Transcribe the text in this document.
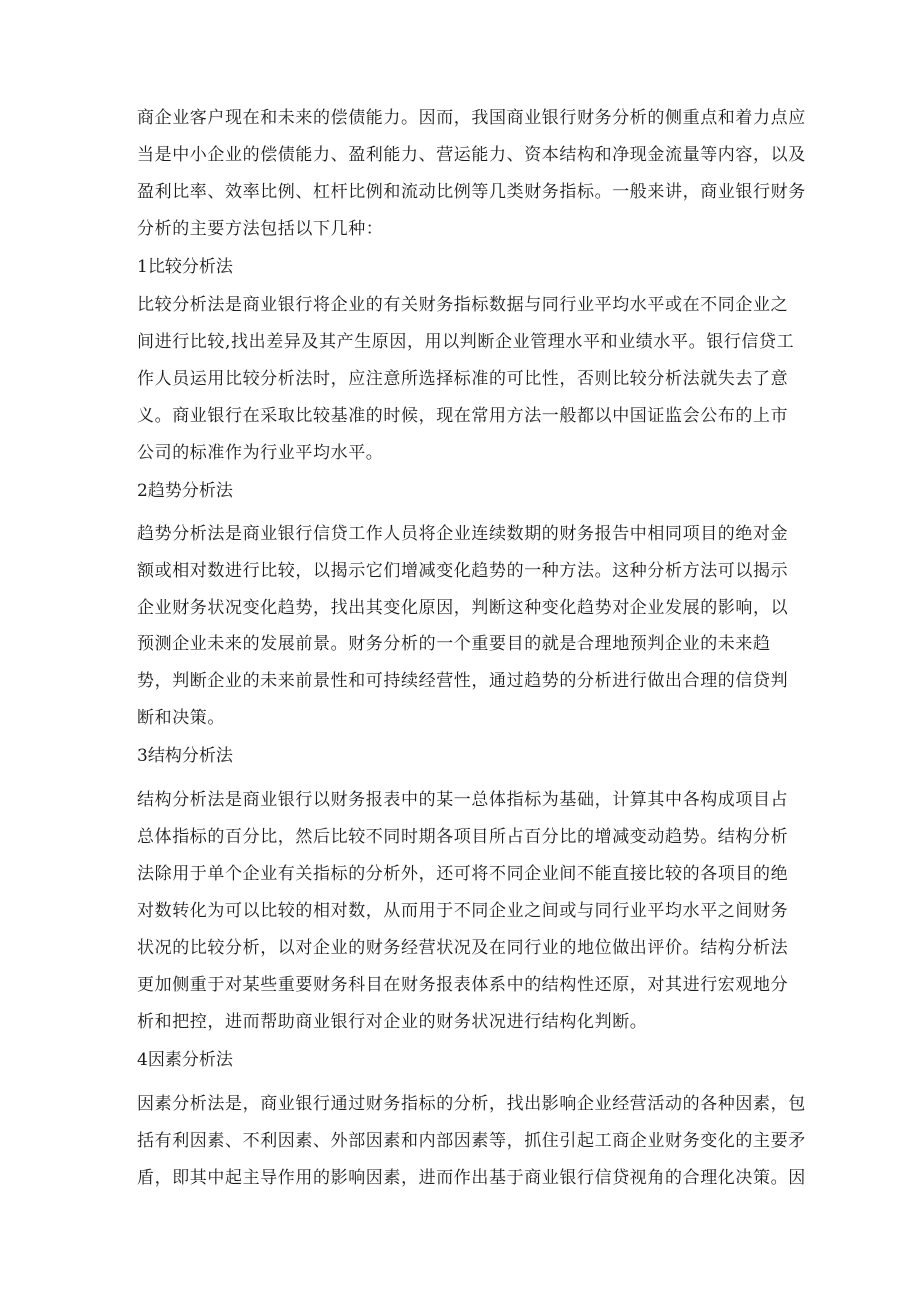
商企业客户现在和未来的偿债能力。因而，我国商业银行财务分析的侧重点和着力点应
当是中小企业的偿债能力、盈利能力、营运能力、资本结构和净现金流量等内容，以及
盈利比率、效率比例、杠杆比例和流动比例等几类财务指标。一般来讲，商业银行财务
分析的主要方法包括以下几种：
1比较分析法
比较分析法是商业银行将企业的有关财务指标数据与同行业平均水平或在不同企业之
间进行比较,找出差异及其产生原因，用以判断企业管理水平和业绩水平。银行信贷工
作人员运用比较分析法时，应注意所选择标准的可比性，否则比较分析法就失去了意
义。商业银行在采取比较基准的时候，现在常用方法一般都以中国证监会公布的上市
公司的标准作为行业平均水平。
2趋势分析法
趋势分析法是商业银行信贷工作人员将企业连续数期的财务报告中相同项目的绝对金
额或相对数进行比较，以揭示它们增减变化趋势的一种方法。这种分析方法可以揭示
企业财务状况变化趋势，找出其变化原因，判断这种变化趋势对企业发展的影响，以
预测企业未来的发展前景。财务分析的一个重要目的就是合理地预判企业的未来趋
势，判断企业的未来前景性和可持续经营性，通过趋势的分析进行做出合理的信贷判
断和决策。
3结构分析法
结构分析法是商业银行以财务报表中的某一总体指标为基础，计算其中各构成项目占
总体指标的百分比，然后比较不同时期各项目所占百分比的增减变动趋势。结构分析
法除用于单个企业有关指标的分析外，还可将不同企业间不能直接比较的各项目的绝
对数转化为可以比较的相对数，从而用于不同企业之间或与同行业平均水平之间财务
状况的比较分析，以对企业的财务经营状况及在同行业的地位做出评价。结构分析法
更加侧重于对某些重要财务科目在财务报表体系中的结构性还原，对其进行宏观地分
析和把控，进而帮助商业银行对企业的财务状况进行结构化判断。
4因素分析法
因素分析法是，商业银行通过财务指标的分析，找出影响企业经营活动的各种因素，包
括有利因素、不利因素、外部因素和内部因素等，抓住引起工商企业财务变化的主要矛
盾，即其中起主导作用的影响因素，进而作出基于商业银行信贷视角的合理化决策。因
